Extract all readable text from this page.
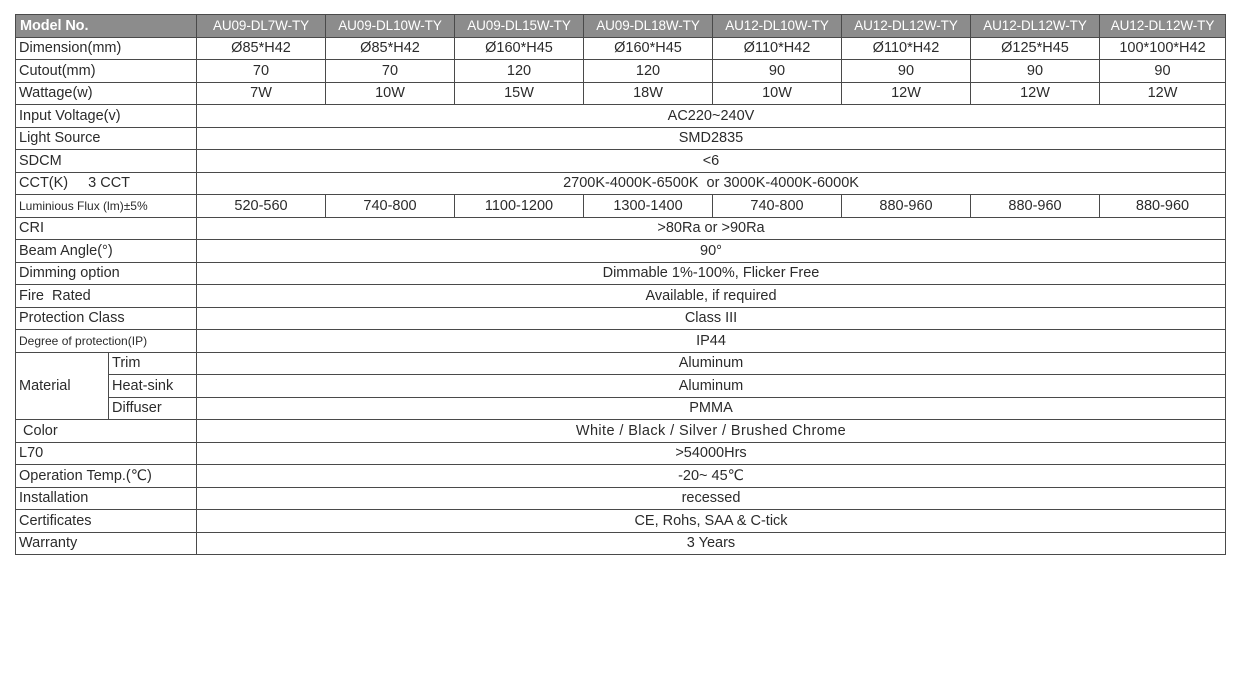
Model No.		AU09-DL7W-TY	AU09-DL10W-TY	AU09-DL15W-TY	AU09-DL18W-TY	AU12-DL10W-TY	AU12-DL12W-TY	AU12-DL12W-TY	AU12-DL12W-TY
Dimension(mm)		Ø85*H42	Ø85*H42	Ø160*H45	Ø160*H45	Ø110*H42	Ø110*H42	Ø125*H45	100*100*H42
Cutout(mm)		70	70	120	120	90	90	90	90
Wattage(w)		7W	10W	15W	18W	10W	12W	12W	12W
Input Voltage(v)		AC220~240V							
Light Source		SMD2835							
SDCM		<6							
CCT(K) 3 CCT		2700K-4000K-6500K  or 3000K-4000K-6000K							
Luminious Flux (lm)±5%		520-560	740-800	1100-1200	1300-1400	740-800	880-960	880-960	880-960
CRI		>80Ra or >90Ra							
Beam Angle(°)		90°							
Dimming option		Dimmable 1%-100%, Flicker Free							
Fire  Rated		Available, if required							
Protection Class		Class III							
Degree of protection(IP)		IP44							
Material	Trim	Aluminum							
	Heat-sink	Aluminum							
	Diffuser	PMMA							
Color		White / Black / Silver / Brushed Chrome							
L70		>54000Hrs							
Operation Temp.(℃)		-20~ 45℃							
Installation		recessed							
Certificates		CE, Rohs, SAA & C-tick							
Warranty		3 Years							
